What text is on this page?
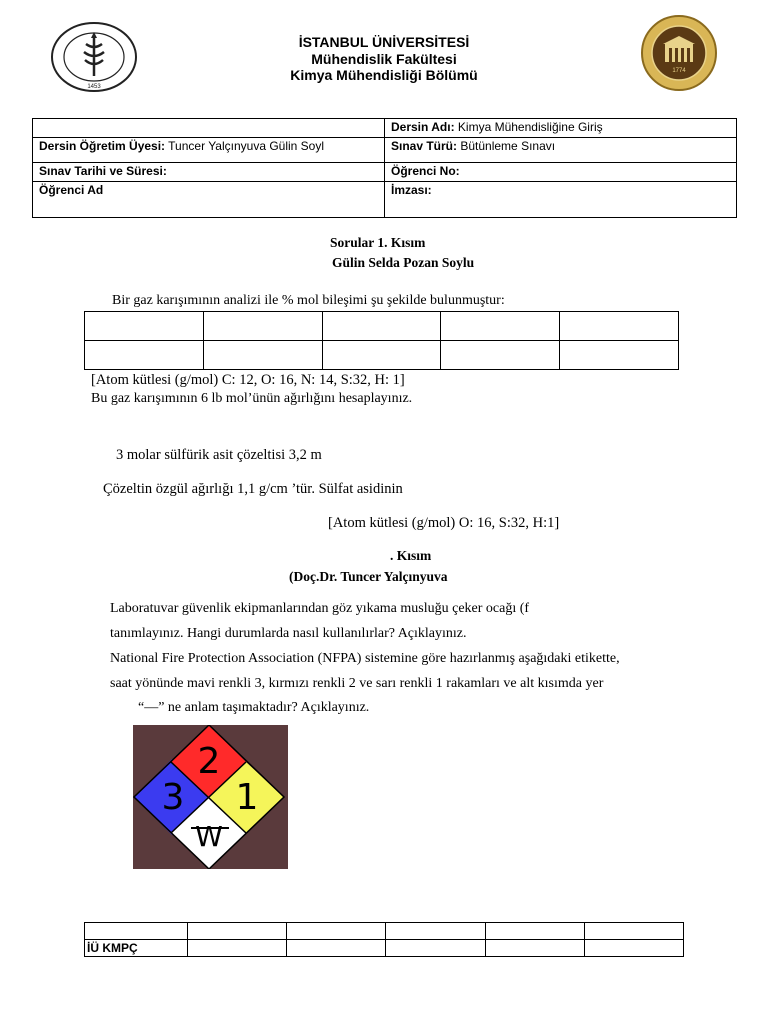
1453
1774
İSTANBUL ÜNİVERSİTESİ
Mühendislik Fakültesi
Kimya Mühendisliği Bölümü
	Dersin Adı: Kimya Mühendisliğine Giriş
Dersin Öğretim Üyesi: Tuncer Yalçınyuva Gülin Soyl	Sınav Türü: Bütünleme Sınavı
Sınav Tarihi ve Süresi:	Öğrenci No:
Öğrenci Ad	İmzası:
Sorular 1. Kısım
Gülin Selda Pozan Soylu
Bir gaz karışımının analizi ile % mol bileşimi şu şekilde bulunmuştur:

[Atom kütlesi (g/mol) C: 12, O: 16, N: 14, S:32, H: 1]
Bu gaz karışımının 6 lb mol’ünün ağırlığını hesaplayınız.
3 molar sülfürik asit çözeltisi 3,2 m
Çözeltin özgül ağırlığı 1,1 g/cm ’tür. Sülfat asidinin
[Atom kütlesi (g/mol) O: 16, S:32, H:1]
. Kısım
(Doç.Dr. Tuncer Yalçınyuva
Laboratuvar güvenlik ekipmanlarından göz yıkama musluğu çeker ocağı (f
tanımlayınız. Hangi durumlarda nasıl kullanılırlar? Açıklayınız.
National Fire Protection Association (NFPA) sistemine göre hazırlanmış aşağıdaki etikette,
saat yönünde mavi renkli 3, kırmızı renkli 2 ve sarı renkli 1 rakamları ve alt kısımda yer
“—” ne anlam taşımaktadır? Açıklayınız.
2
3 1
W

İÜ KMPÇ					
